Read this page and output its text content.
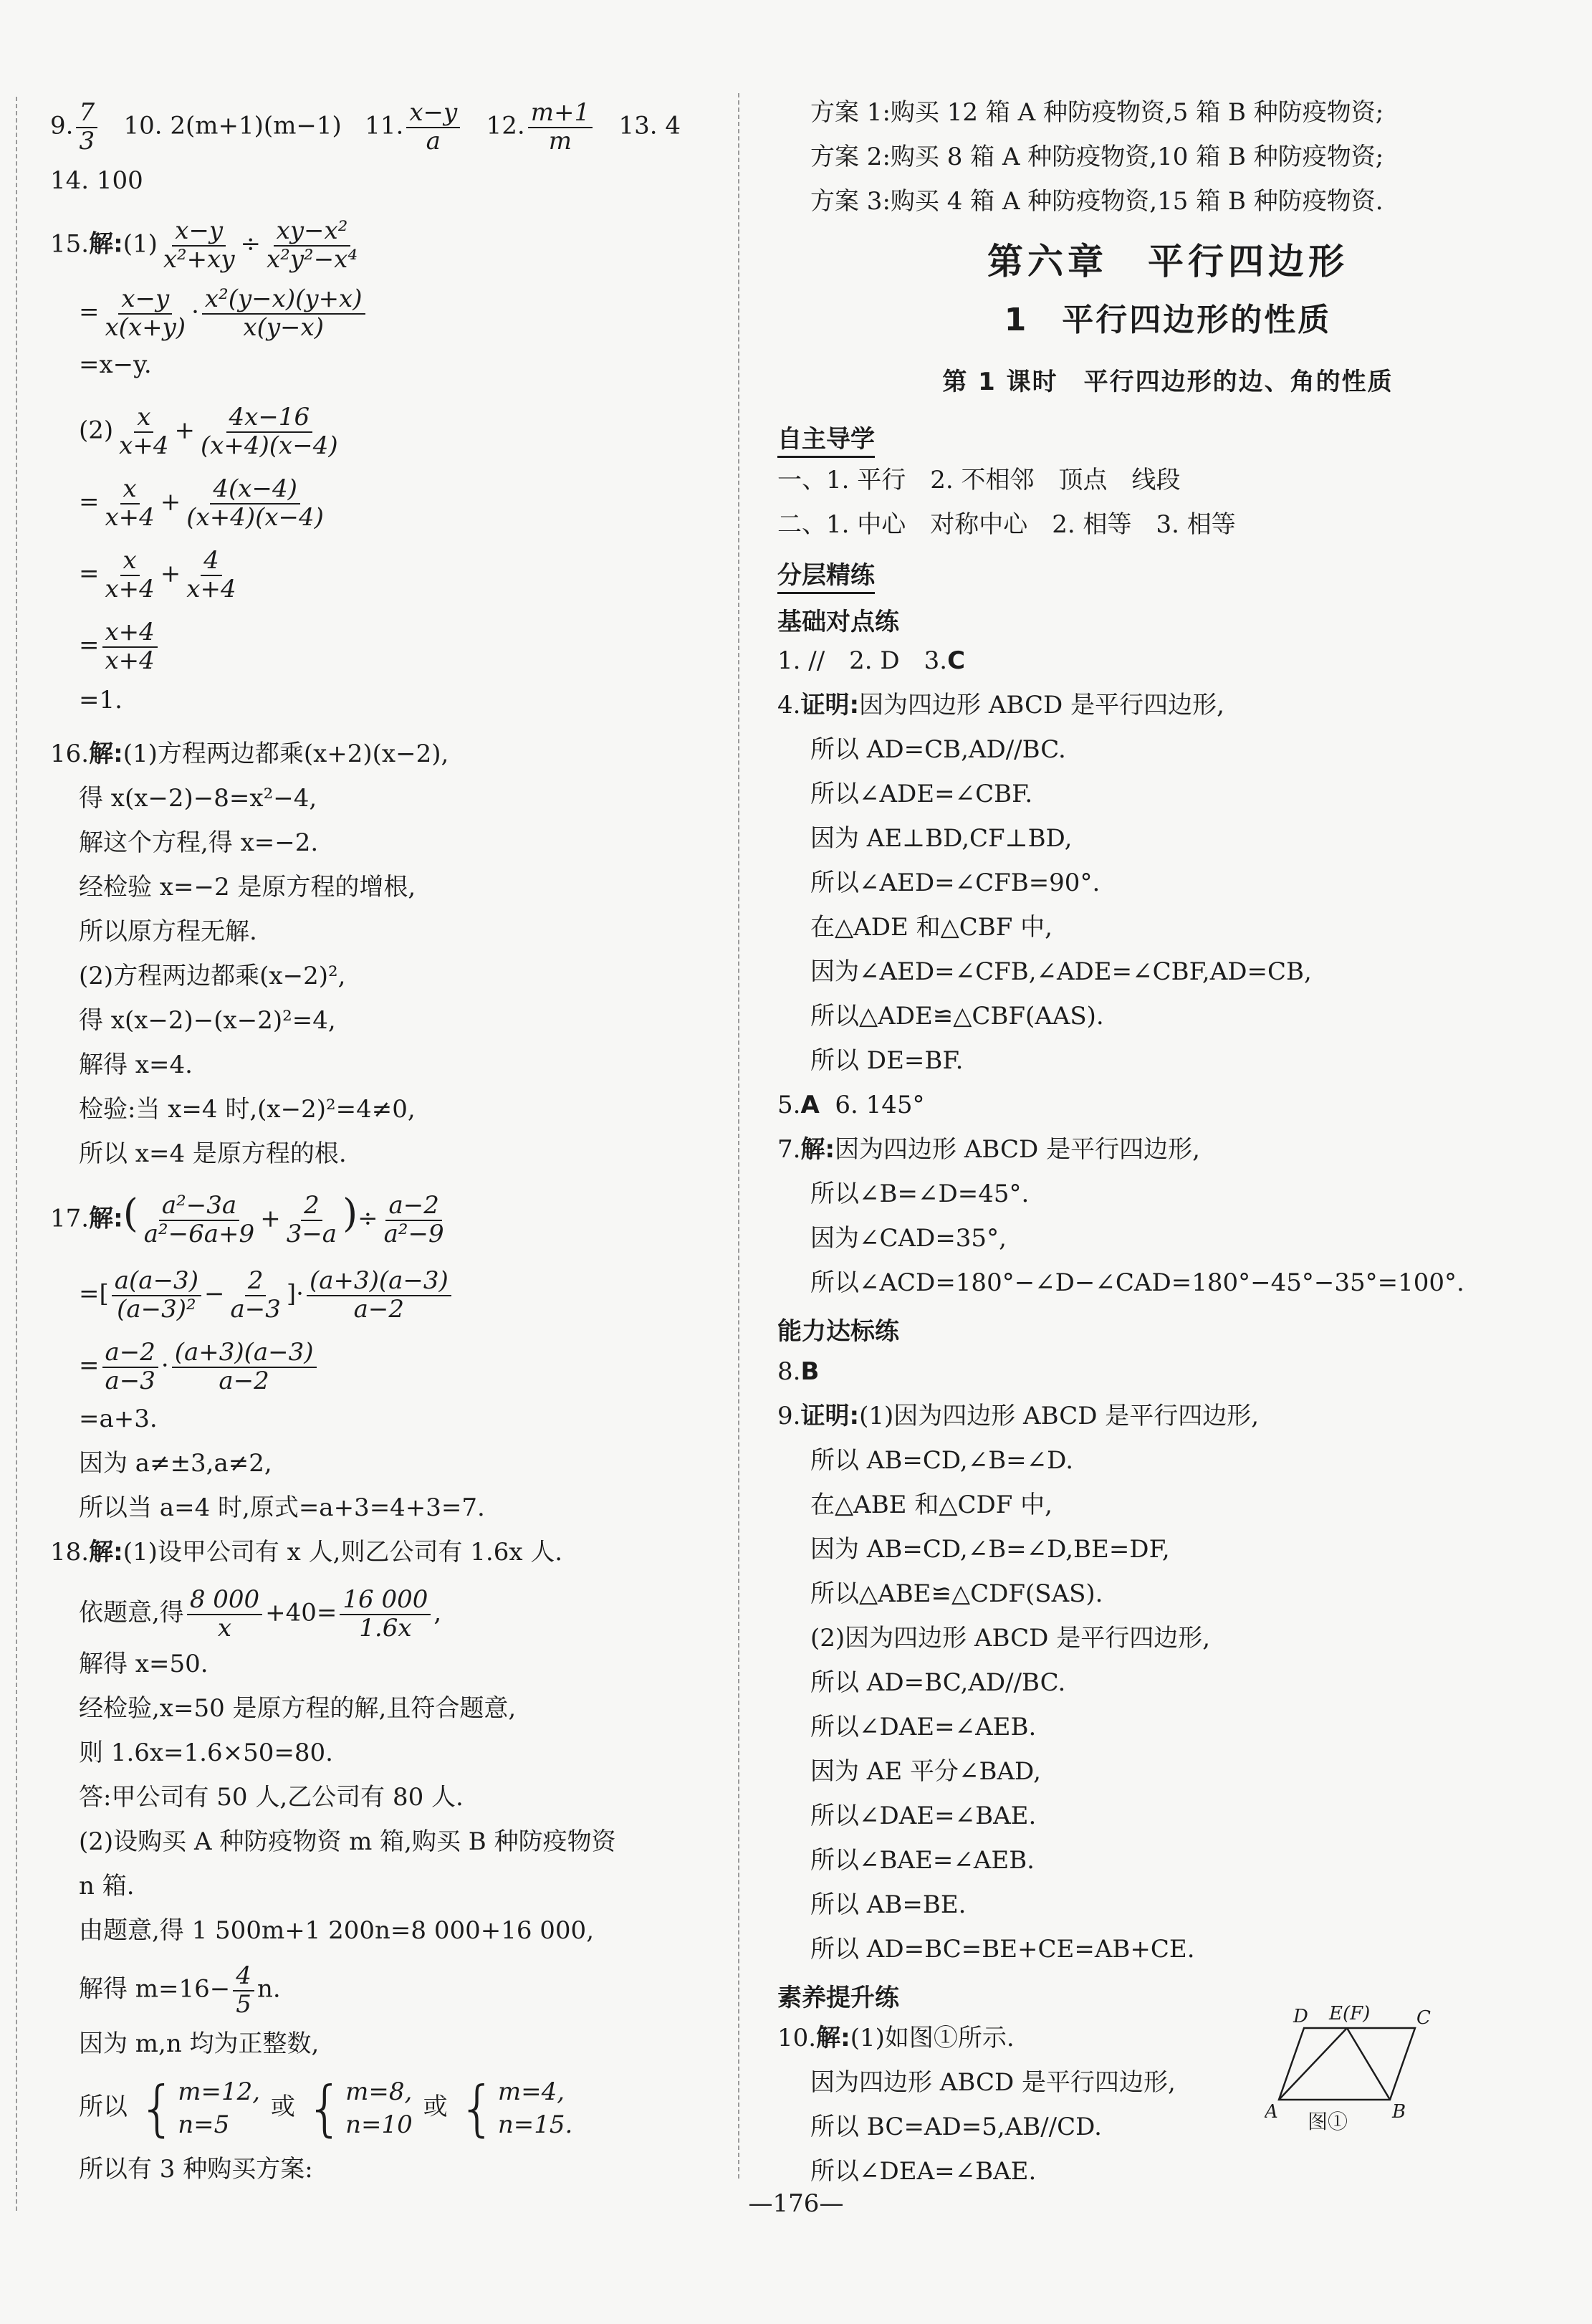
9. $\frac{7}{3} 10$. 2(m+1)(m−1) 11. $\frac{x-y}{a} 12$. $\frac{m+1}{m} 13$. 4
14. 100
15.解:(1) $\frac{x-y}{\text{x²+xy}} \div \frac{\text{xy−x²}}{\text{x²y²−x⁴}}$
= $\frac{x-y}{x(x+y)} \cdot \frac{\text{x²(y−x)(y+x)}}{x(y-x)}$
=x−y.
$(2) \frac{x}{x+4} + \frac{4x-16}{(x+4)(x-4)}$
= $\frac{x}{x+4} + \frac{4(x-4)}{(x+4)(x-4)}$
= $\frac{x}{x+4} + \frac{4}{x+4}$
= $\frac{x+4}{x+4}$
=1.
16.解:(1)方程两边都乘(x+2)(x−2),
得 x(x−2)−8=x²−4,
解这个方程,得 x=−2.
经检验 x=−2 是原方程的增根,
所以原方程无解.
(2)方程两边都乘(x−2)²,
得 x(x−2)−(x−2)²=4,
解得 x=4.
检验:当 x=4 时,(x−2)²=4≠0,
所以 x=4 是原方程的根.
17.解:( $\frac{\text{a²−3a}}{\text{a²−6a+9}} + \frac{2}{3-a}$ )÷ $\frac{a-2}{\text{a²−9}}$
=[ $\frac{a(a-3)}{\text{(a−3)²}} - \frac{2}{a-3}$ ]· $\frac{(a+3)(a-3)}{a-2}$
= $\frac{a-2}{a-3} \cdot \frac{(a+3)(a-3)}{a-2}$
=a+3.
因为 a≠±3,a≠2,
所以当 a=4 时,原式=a+3=4+3=7.
18.解:(1)设甲公司有 x 人,则乙公司有 1.6x 人.
依题意,得 $\frac{8 000}{x} +40= \frac{16 000}{1.6x}$ ,
解得 x=50.
经检验,x=50 是原方程的解,且符合题意,
则 1.6x=1.6×50=80.
答:甲公司有 50 人,乙公司有 80 人.
(2)设购买 A 种防疫物资 m 箱,购买 B 种防疫物资
n 箱.
由题意,得 1 500m+1 200n=8 000+16 000,
解得 $m=16- \frac{4}{5} n$.
因为 m,n 均为正整数,
所以 { m=12,
n=5
或 { m=8,
n=10
或 { m=4,
n=15.
所以有 3 种购买方案:
方案 1:购买 12 箱 A 种防疫物资,5 箱 B 种防疫物资;
方案 2:购买 8 箱 A 种防疫物资,10 箱 B 种防疫物资;
方案 3:购买 4 箱 A 种防疫物资,15 箱 B 种防疫物资.
第六章　平行四边形
1　平行四边形的性质
第 1 课时　平行四边形的边、角的性质
自主导学
一、1. 平行　2. 不相邻　顶点　线段
二、1. 中心　对称中心　2. 相等　3. 相等
分层精练
基础对点练
1. //　2. D　3.C
4.证明:因为四边形 ABCD 是平行四边形,
所以 AD=CB,AD//BC.
所以∠ADE=∠CBF.
因为 AE⊥BD,CF⊥BD,
所以∠AED=∠CFB=90°.
在△ADE 和△CBF 中,
因为∠AED=∠CFB,∠ADE=∠CBF,AD=CB,
所以△ADE≌△CBF(AAS).
所以 DE=BF.
5.A 6. 145°
7.解:因为四边形 ABCD 是平行四边形,
所以∠B=∠D=45°.
因为∠CAD=35°,
所以∠ACD=180°−∠D−∠CAD=180°−45°−35°=100°.
能力达标练
8.B
9.证明:(1)因为四边形 ABCD 是平行四边形,
所以 AB=CD,∠B=∠D.
在△ABE 和△CDF 中,
因为 AB=CD,∠B=∠D,BE=DF,
所以△ABE≌△CDF(SAS).
(2)因为四边形 ABCD 是平行四边形,
所以 AD=BC,AD//BC.
所以∠DAE=∠AEB.
因为 AE 平分∠BAD,
所以∠DAE=∠BAE.
所以∠BAE=∠AEB.
所以 AB=BE.
所以 AD=BC=BE+CE=AB+CE.
素养提升练
10.解:(1)如图①所示.
因为四边形 ABCD 是平行四边形,
所以 BC=AD=5,AB//CD.
所以∠DEA=∠BAE.
D E(F) C
A	B
图①
—176—
